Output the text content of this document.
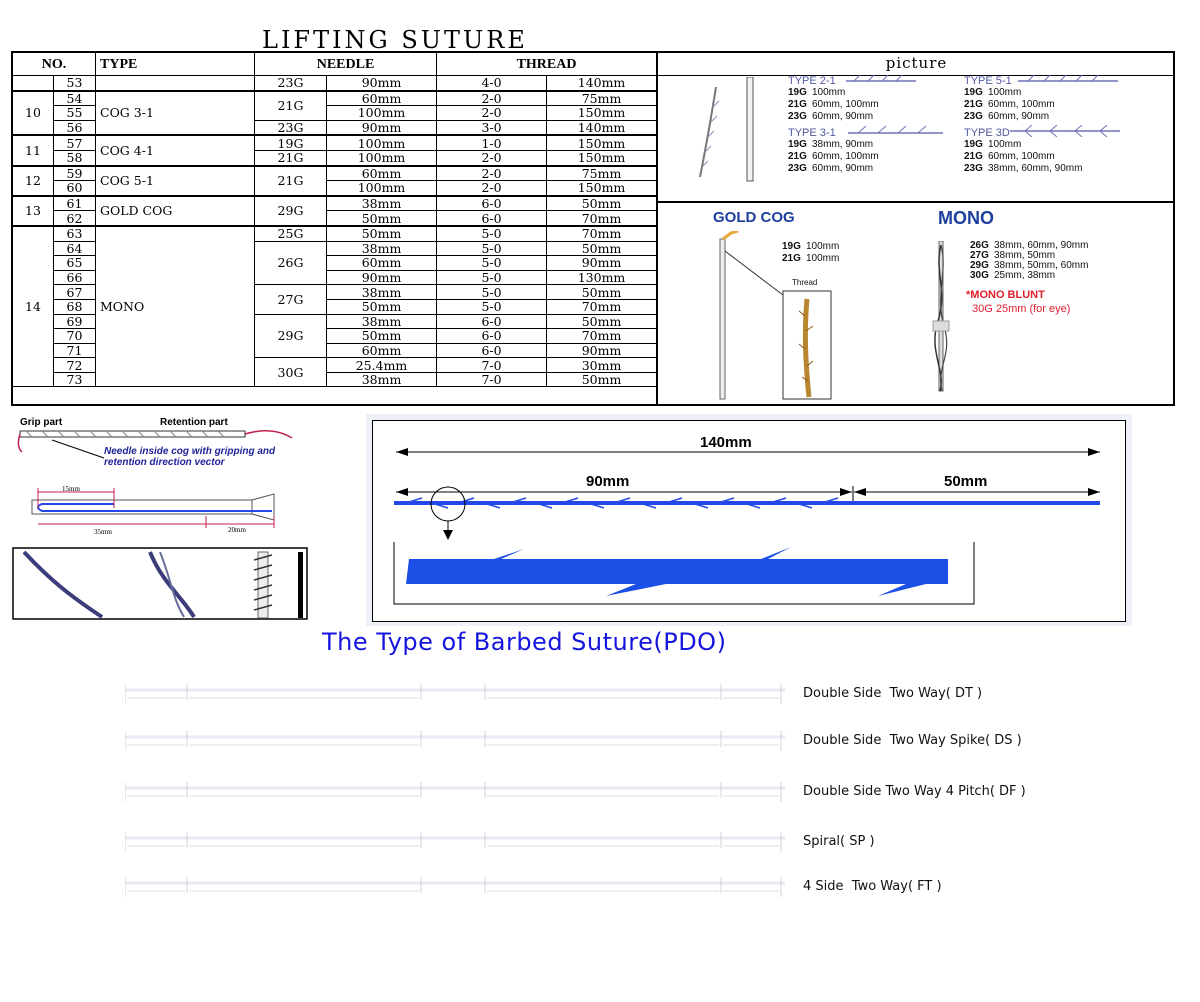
LIFTING SUTURE
NO.		TYPE	NEEDLE		THREAD	
	53		23G	90mm	4-0	140mm
10	54	COG 3-1	21G	60mm	2-0	75mm
	55			100mm	2-0	150mm
	56		23G	90mm	3-0	140mm
11	57	COG 4-1	19G	100mm	1-0	150mm
	58		21G	100mm	2-0	150mm
12	59	COG 5-1	21G	60mm	2-0	75mm
	60			100mm	2-0	150mm
13	61	GOLD COG	29G	38mm	6-0	50mm
	62			50mm	6-0	70mm
14	63	MONO	25G	50mm	5-0	70mm
	64		26G	38mm	5-0	50mm
	65			60mm	5-0	90mm
	66			90mm	5-0	130mm
	67		27G	38mm	5-0	50mm
	68			50mm	5-0	70mm
	69		29G	38mm	6-0	50mm
	70			50mm	6-0	70mm
	71			60mm	6-0	90mm
	72		30G	25.4mm	7-0	30mm
	73			38mm	7-0	50mm
picture
TYPE 2-1
19G 100mm
21G 60mm, 100mm
23G 60mm, 90mm
TYPE 5-1
19G 100mm
21G 60mm, 100mm
23G 60mm, 90mm
TYPE 3-1
19G 38mm, 90mm
21G 60mm, 100mm
23G 60mm, 90mm
TYPE 3D
19G 100mm
21G 60mm, 100mm
23G 38mm, 60mm, 90mm
GOLD COG
19G 100mm
21G 100mm
Thread
MONO
26G 38mm, 60mm, 90mm
27G 38mm, 50mm
29G 38mm, 50mm, 60mm
30G 25mm, 38mm
*MONO BLUNT
30G 25mm (for eye)
Grip part	Retention part
Needle inside cog with gripping and retention direction vector
15mm
35mm	20mm
140mm
90mm	50mm
The Type of Barbed Suture(PDO)
Double Side  Two Way( DT )
Double Side  Two Way Spike( DS )
Double Side Two Way 4 Pitch( DF )
Spiral( SP )
4 Side  Two Way( FT )
